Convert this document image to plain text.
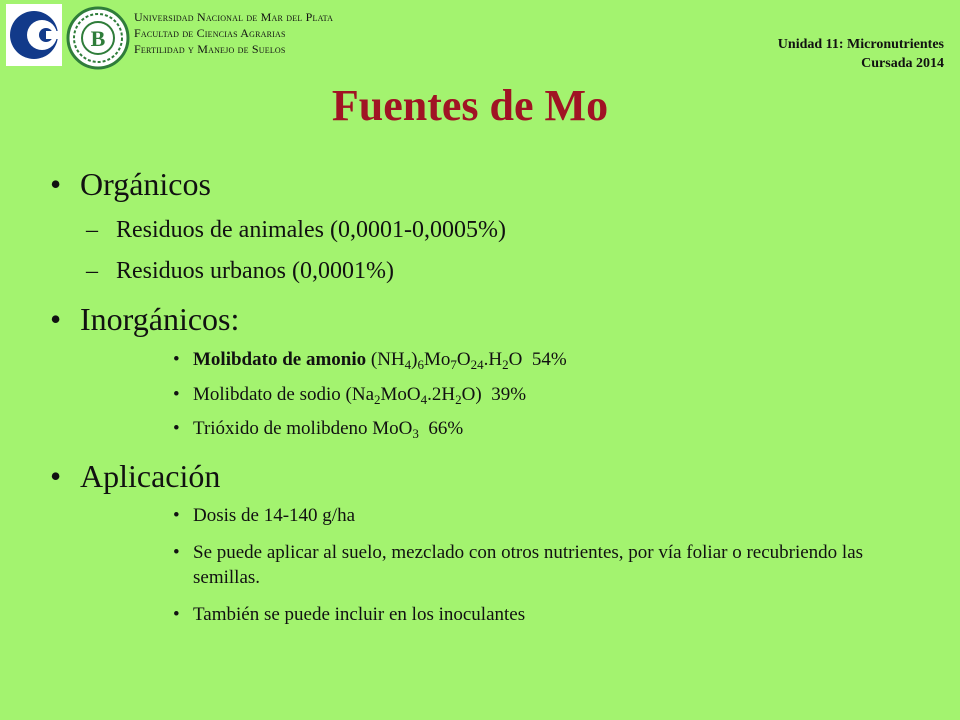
B
Universidad Nacional de Mar del Plata
Facultad de Ciencias Agrarias
Fertilidad y Manejo de Suelos	Unidad 11: Micronutrientes
Cursada 2014
Fuentes de Mo
• Orgánicos
– Residuos de animales (0,0001-0,0005%)
– Residuos urbanos (0,0001%)
• Inorgánicos:
• Molibdato de amonio $(NH_4)_6Mo_7O_{24}.H_2O$ 54%
• Molibdato de sodio $(Na_2MoO_4.2H_2O)$ 39%
• Trióxido de molibdeno MoO$_3$ 66%
• Aplicación
• Dosis de 14-140 g/ha
• Se puede aplicar al suelo, mezclado con otros nutrientes, por vía foliar o recubriendo las semillas.
• También se puede incluir en los inoculantes
